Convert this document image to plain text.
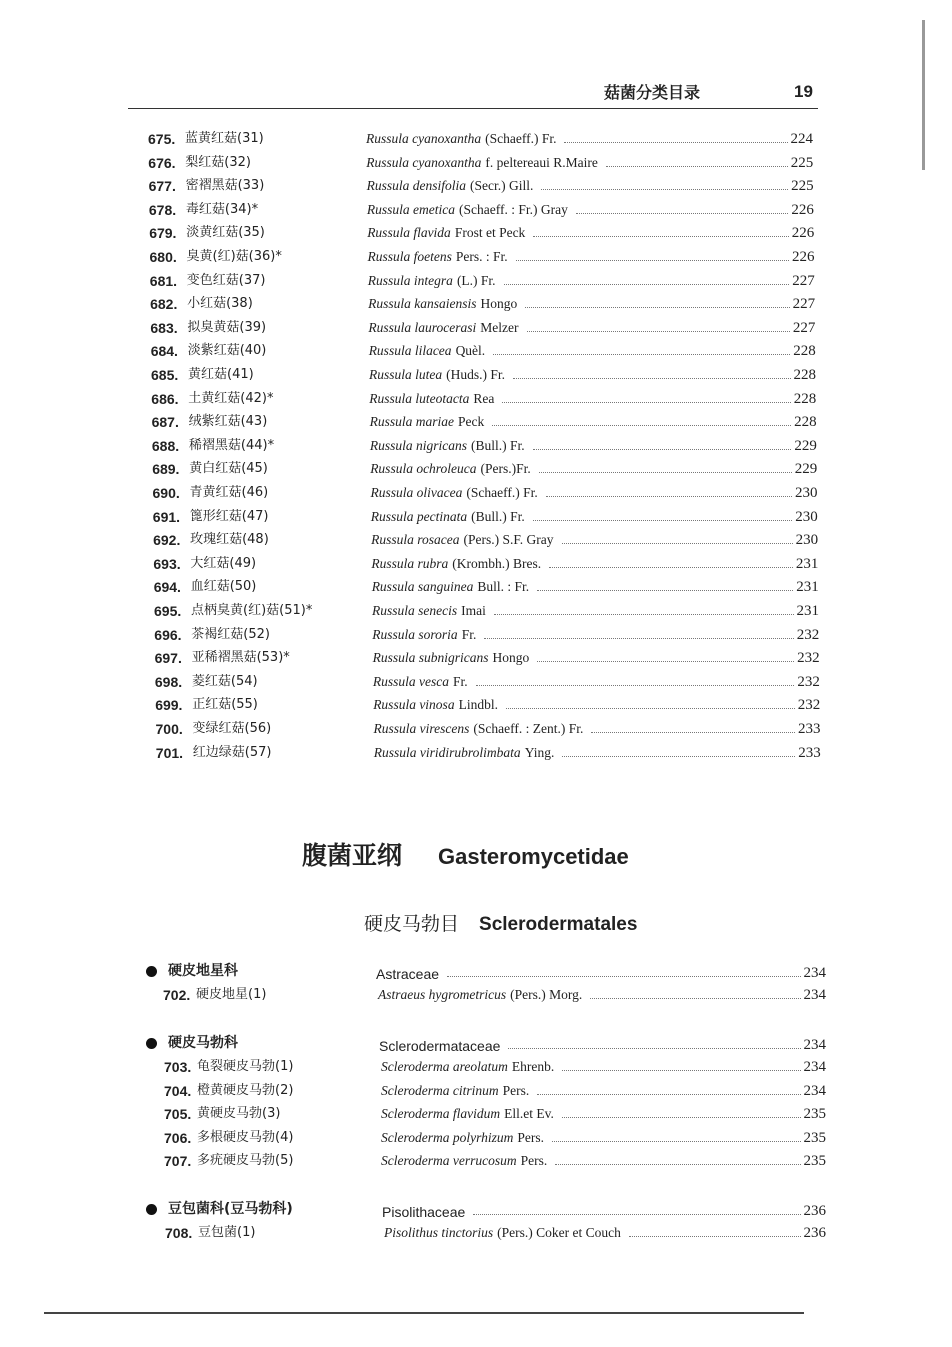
菇菌分类目录	19
675. 蓝黄红菇(31)	Russula cyanoxantha (Schaeff.) Fr.	224
676. 梨红菇(32)	Russula cyanoxantha f. peltereaui R.Maire	225
677. 密褶黑菇(33)	Russula densifolia (Secr.) Gill.	225
678. 毒红菇(34)*	Russula emetica (Schaeff. : Fr.) Gray	226
679. 淡黄红菇(35)	Russula flavida Frost et Peck	226
680. 臭黄(红)菇(36)*	Russula foetens Pers. : Fr.	226
681. 变色红菇(37)	Russula integra (L.) Fr.	227
682. 小红菇(38)	Russula kansaiensis Hongo	227
683. 拟臭黄菇(39)	Russula laurocerasi Melzer	227
684. 淡紫红菇(40)	Russula lilacea Quèl.	228
685. 黄红菇(41)	Russula lutea (Huds.) Fr.	228
686. 土黄红菇(42)*	Russula luteotacta Rea	228
687. 绒紫红菇(43)	Russula mariae Peck	228
688. 稀褶黑菇(44)*	Russula nigricans (Bull.) Fr.	229
689. 黄白红菇(45)	Russula ochroleuca (Pers.)Fr.	229
690. 青黄红菇(46)	Russula olivacea (Schaeff.) Fr.	230
691. 篦形红菇(47)	Russula pectinata (Bull.) Fr.	230
692. 玫瑰红菇(48)	Russula rosacea (Pers.) S.F. Gray	230
693. 大红菇(49)	Russula rubra (Krombh.) Bres.	231
694. 血红菇(50)	Russula sanguinea Bull. : Fr.	231
695. 点柄臭黄(红)菇(51)*	Russula senecis Imai	231
696. 茶褐红菇(52)	Russula sororia Fr.	232
697. 亚稀褶黑菇(53)*	Russula subnigricans Hongo	232
698. 菱红菇(54)	Russula vesca Fr.	232
699. 正红菇(55)	Russula vinosa Lindbl.	232
700. 变绿红菇(56)	Russula virescens (Schaeff. : Zent.) Fr.	233
701. 红边绿菇(57)	Russula viridirubrolimbata Ying.	233
腹菌亚纲 Gasteromycetidae
硬皮马勃目 Sclerodermatales
硬皮地星科	Astraceae	234
702. 硬皮地星(1)	Astraeus hygrometricus (Pers.) Morg.	234
硬皮马勃科	Sclerodermataceae	234
703. 龟裂硬皮马勃(1)	Scleroderma areolatum Ehrenb.	234
704. 橙黄硬皮马勃(2)	Scleroderma citrinum Pers.	234
705. 黄硬皮马勃(3)	Scleroderma flavidum Ell.et Ev.	235
706. 多根硬皮马勃(4)	Scleroderma polyrhizum Pers.	235
707. 多疣硬皮马勃(5)	Scleroderma verrucosum Pers.	235
豆包菌科(豆马勃科)	Pisolithaceae	236
708. 豆包菌(1)	Pisolithus tinctorius (Pers.) Coker et Couch	236
